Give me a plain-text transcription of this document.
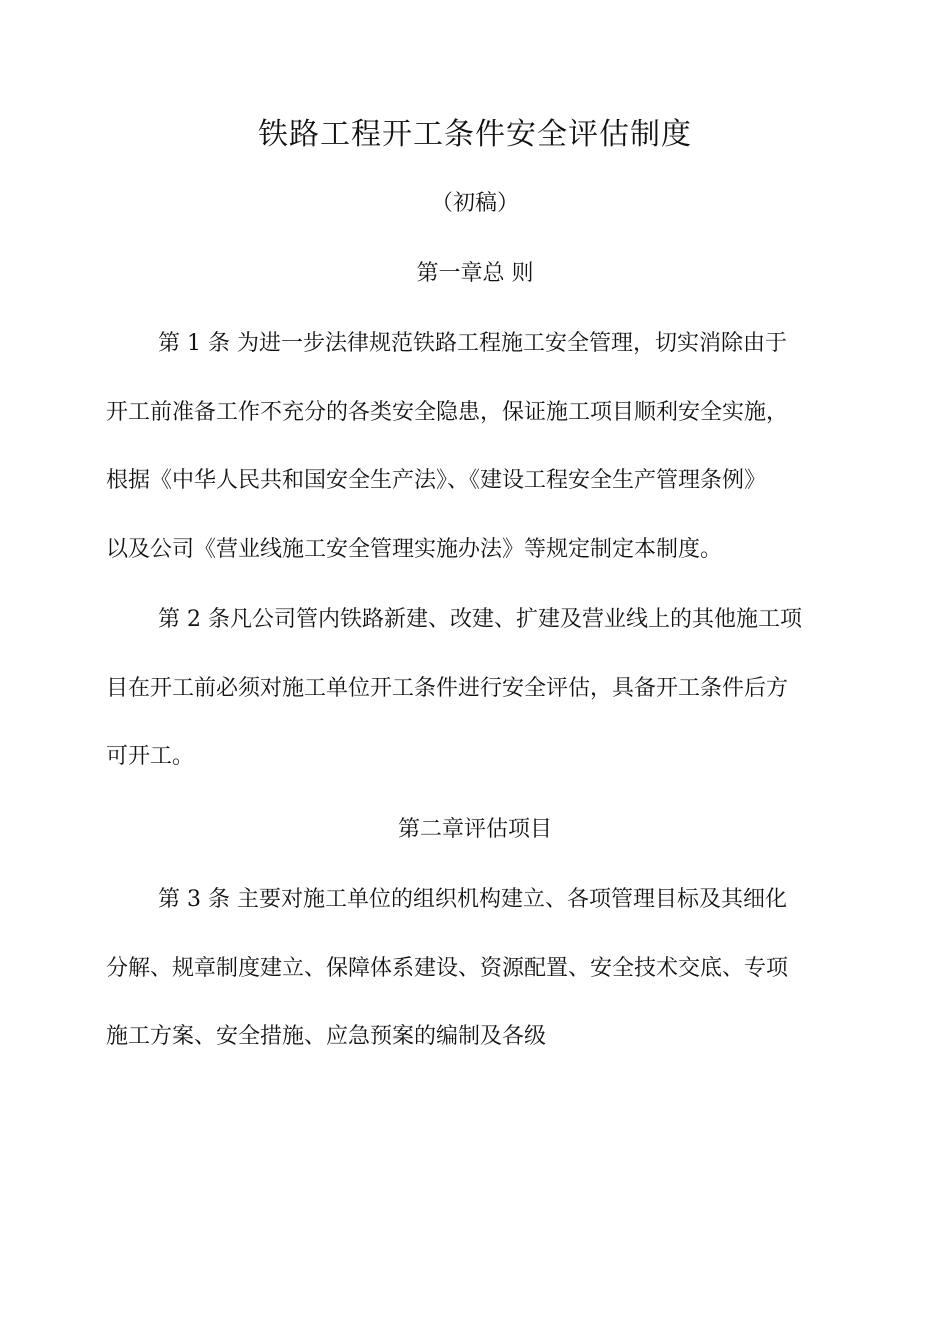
铁路工程开工条件安全评估制度
（初稿）
第一章总 则
第 1 条 为进一步法律规范铁路工程施工安全管理，切实消除由于
开工前准备工作不充分的各类安全隐患，保证施工项目顺利安全实施，
根据《中华人民共和国安全生产法》、《建设工程安全生产管理条例》
以及公司《营业线施工安全管理实施办法》等规定制定本制度。
第 2 条凡公司管内铁路新建、改建、扩建及营业线上的其他施工项
目在开工前必须对施工单位开工条件进行安全评估，具备开工条件后方
可开工。
第二章评估项目
第 3 条 主要对施工单位的组织机构建立、各项管理目标及其细化
分解、规章制度建立、保障体系建设、资源配置、安全技术交底、专项
施工方案、安全措施、应急预案的编制及各级
